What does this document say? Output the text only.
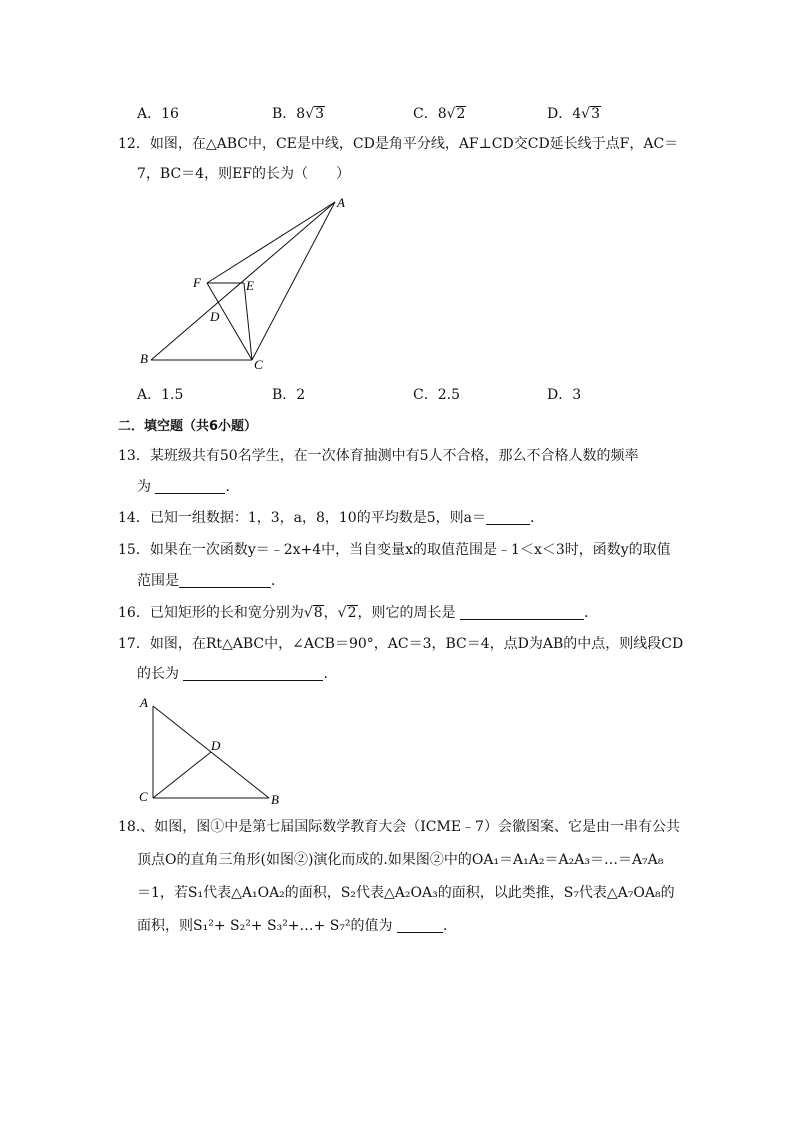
A．16	B．8√3	C．8√2	D．4√3
12．如图，在△ABC中，CE是中线，CD是角平分线，AF⊥CD交CD延长线于点F，AC＝
7，BC＝4，则EF的长为（　　）
A
F	E
D
B	C
A．1.5	B．2	C．2.5	D．3
二．填空题（共6小题）
13．某班级共有50名学生，在一次体育抽测中有5人不合格，那么不合格人数的频率
为	．
14．已知一组数据：1，3，a，8，10的平均数是5，则a＝	．
15．如果在一次函数y＝﹣2x+4中，当自变量x的取值范围是﹣1＜x＜3时，函数y的取值
范围是	．
16．已知矩形的长和宽分别为√8，√2，则它的周长是	．
17．如图，在Rt△ABC中，∠ACB＝90°，AC＝3，BC＝4，点D为AB的中点，则线段CD
的长为	．
A
D
C	B
18.、如图，图①中是第七届国际数学教育大会（ICME﹣7）会徽图案、它是由一串有公共
顶点O的直角三角形(如图②)演化而成的.如果图②中的OA₁＝A₁A₂＝A₂A₃＝…＝A₇A₈
＝1，若S₁代表△A₁OA₂的面积，S₂代表△A₂OA₃的面积，以此类推，S₇代表△A₇OA₈的
面积，则S₁²+ S₂²+ S₃²+…+ S₇²的值为	．
